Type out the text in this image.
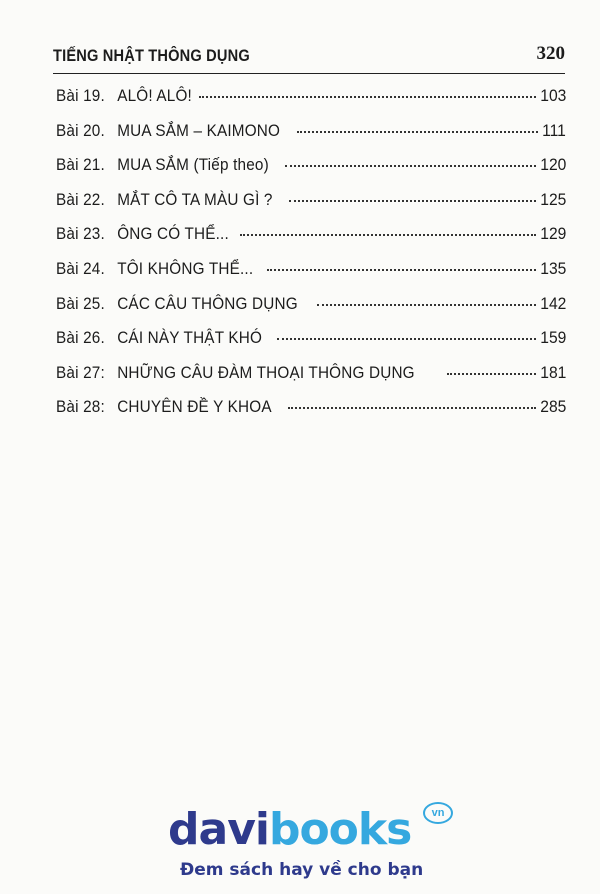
TIẾNG NHẬT THÔNG DỤNG	320
Bài 19. ALÔ! ALÔ!	103
Bài 20. MUA SẮM – KAIMONO	111
Bài 21. MUA SẮM (Tiếp theo)	120
Bài 22. MẮT CÔ TA MÀU GÌ ?	125
Bài 23. ÔNG CÓ THỂ...	129
Bài 24. TÔI KHÔNG THỂ...	135
Bài 25. CÁC CÂU THÔNG DỤNG	142
Bài 26. CÁI NÀY THẬT KHÓ	159
Bài 27: NHỮNG CÂU ĐÀM THOẠI THÔNG DỤNG	181
Bài 28: CHUYÊN ĐỀ Y KHOA	285
davibooks	vn
Đem sách hay về cho bạn
